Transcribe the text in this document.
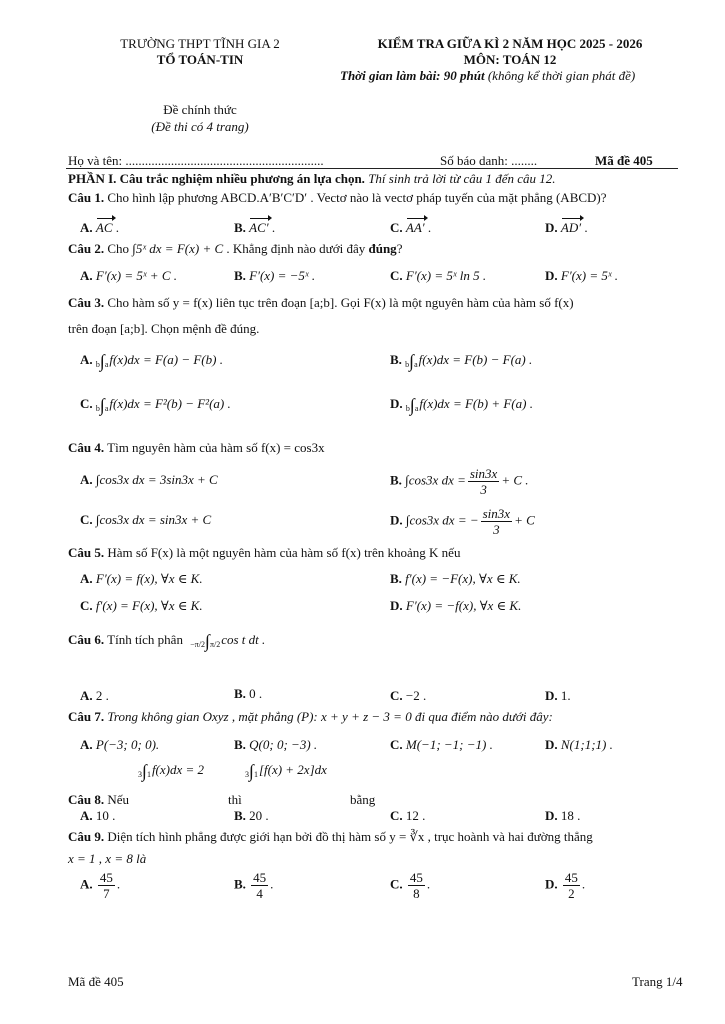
TRƯỜNG THPT TĨNH GIA 2
TỔ TOÁN-TIN
KIỂM TRA GIỮA KÌ 2 NĂM HỌC 2025 - 2026
MÔN: TOÁN 12
Thời gian làm bài: 90 phút (không kể thời gian phát đề)
Đề chính thức
(Đề thi có 4 trang)
Họ và tên: .............................................................	Số báo danh: ........	Mã đề 405
PHẦN I. Câu trắc nghiệm nhiều phương án lựa chọn. Thí sinh trả lời từ câu 1 đến câu 12.
Câu 1. Cho hình lập phương ABCD.A′B′C′D′ . Vectơ nào là vectơ pháp tuyến của mặt phẳng (ABCD)?
A. AC .	B. AC′ .	C. AA′ .	D. AD′ .
Câu 2. Cho ∫5ˣ dx = F(x) + C . Khẳng định nào dưới đây đúng?
A. F′(x) = 5ˣ + C .	B. F′(x) = −5ˣ .	C. F′(x) = 5ˣ ln 5 .	D. F′(x) = 5ˣ .
Câu 3. Cho hàm số y = f(x) liên tục trên đoạn [a;b]. Gọi F(x) là một nguyên hàm của hàm số f(x)
trên đoạn [a;b]. Chọn mệnh đề đúng.
A. b∫af(x)dx = F(a) − F(b) .	B. b∫af(x)dx = F(b) − F(a) .
C. b∫af(x)dx = F²(b) − F²(a) .	D. b∫af(x)dx = F(b) + F(a) .
Câu 4. Tìm nguyên hàm của hàm số f(x) = cos3x
A. ∫cos3x dx = 3sin3x + C	B. ∫cos3x dx = $\frac{\sin 3x}{3} + C$ .
C. ∫cos3x dx = sin3x + C	D. ∫cos3x dx = − $\frac{\sin 3x}{3} + C$
Câu 5. Hàm số F(x) là một nguyên hàm của hàm số f(x) trên khoảng K nếu
A. F′(x) = f(x), ∀x ∈ K.	B. f′(x) = −F(x), ∀x ∈ K.
C. f′(x) = F(x), ∀x ∈ K.	D. F′(x) = −f(x), ∀x ∈ K.
Câu 6. Tính tích phân −π/2∫π/2cos t dt .
A. 2 .	B. 0 .	C. −2 .	D. 1.
Câu 7. Trong không gian Oxyz , mặt phẳng (P): x + y + z − 3 = 0 đi qua điểm nào dưới đây:
A. P(−3; 0; 0).	B. Q(0; 0; −3) .	C. M(−1; −1; −1) .	D. N(1;1;1) .
3∫1f(x)dx = 2	3∫1[f(x) + 2x]dx
Câu 8. Nếu	thì	bằng
A. 10 .	B. 20 .	C. 12 .	D. 18 .
Câu 9. Diện tích hình phẳng được giới hạn bởi đồ thị hàm số y = ∛x , trục hoành và hai đường thẳng
x = 1 , x = 8 là
A. $\frac{45}{7}$ .	B. $\frac{45}{4}$ .	C. $\frac{45}{8}$ .	D. $\frac{45}{2}$ .
Mã đề 405	Trang 1/4
